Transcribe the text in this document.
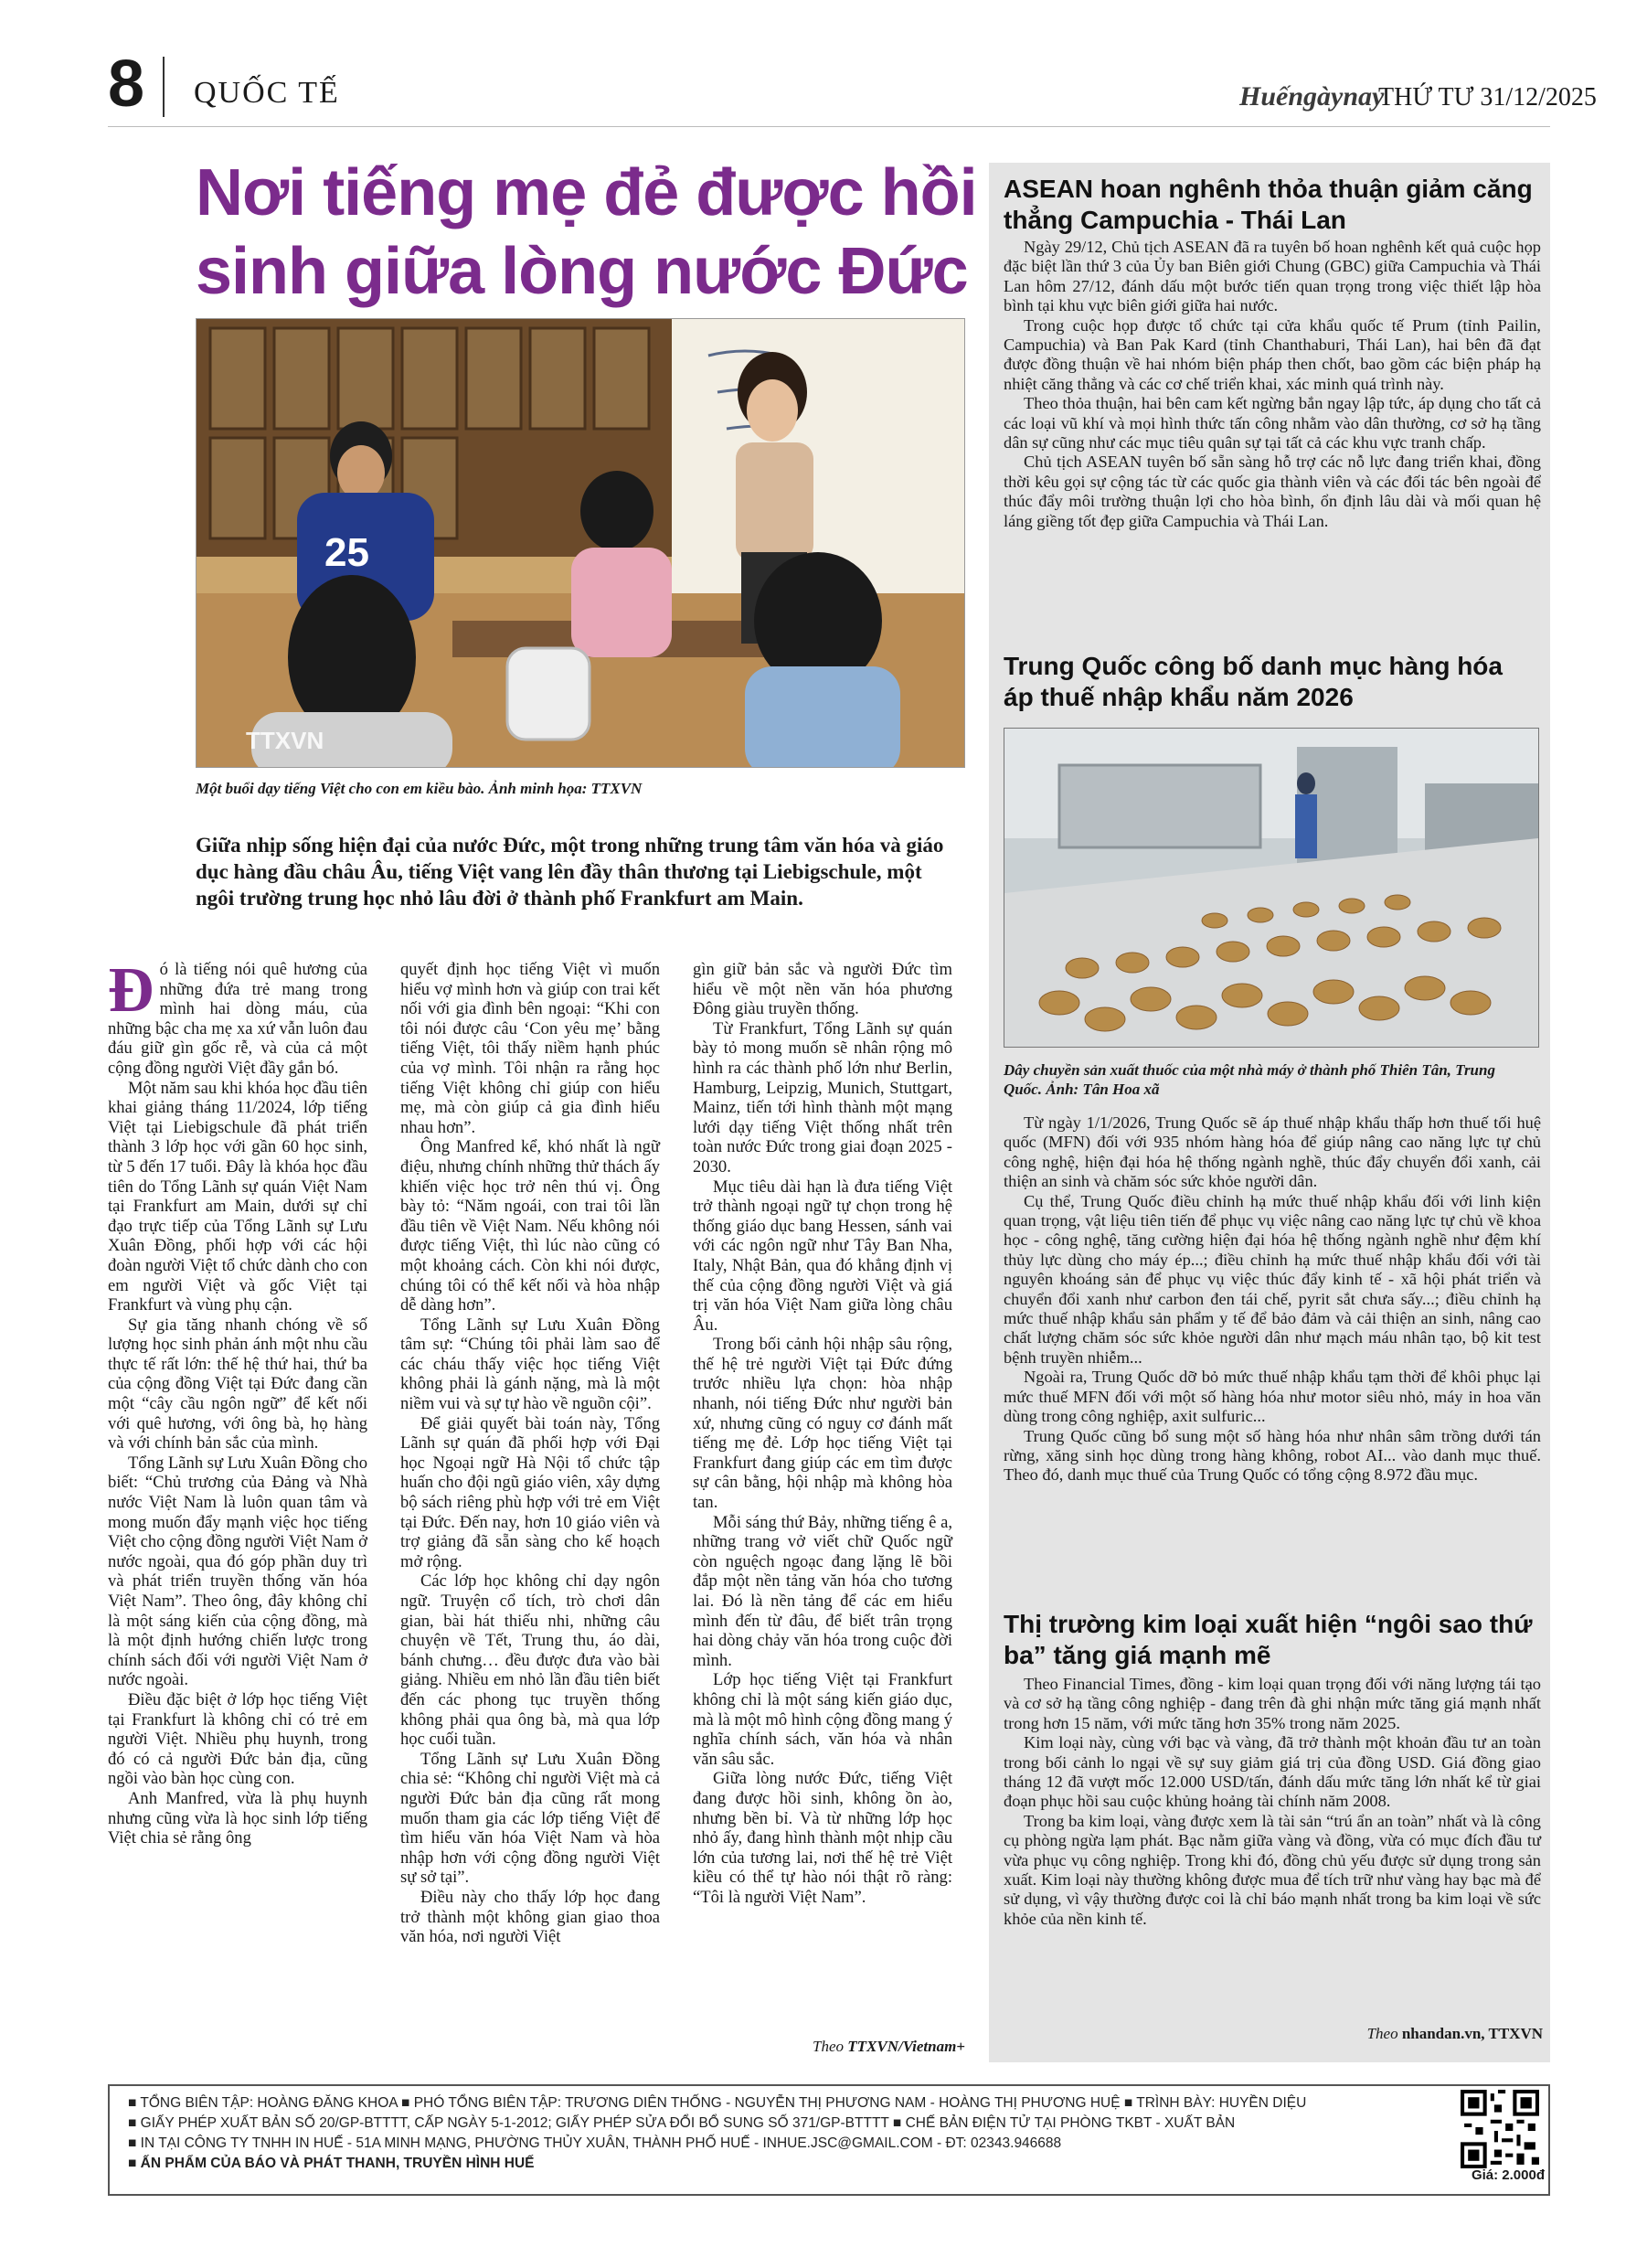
8 QUỐC TẾ	Huếngàynay
THỨ TƯ 31/12/2025
Nơi tiếng mẹ đẻ được hồi sinh giữa lòng nước Đức
25
TTXVN
Một buổi dạy tiếng Việt cho con em kiều bào. Ảnh minh họa: TTXVN
Giữa nhịp sống hiện đại của nước Đức, một trong những trung tâm văn hóa và giáo dục hàng đầu châu Âu, tiếng Việt vang lên đầy thân thương tại Liebigschule, một ngôi trường trung học nhỏ lâu đời ở thành phố Frankfurt am Main.

Đó là tiếng nói quê hương của những đứa trẻ mang trong mình hai dòng máu, của những bậc cha mẹ xa xứ vẫn luôn đau đáu giữ gìn gốc rễ, và của cả một cộng đồng người Việt đầy gắn bó.

Một năm sau khi khóa học đầu tiên khai giảng tháng 11/2024, lớp tiếng Việt tại Liebigschule đã phát triển thành 3 lớp học với gần 60 học sinh, từ 5 đến 17 tuổi. Đây là khóa học đầu tiên do Tổng Lãnh sự quán Việt Nam tại Frankfurt am Main, dưới sự chỉ đạo trực tiếp của Tổng Lãnh sự Lưu Xuân Đồng, phối hợp với các hội đoàn người Việt tổ chức dành cho con em người Việt và gốc Việt tại Frankfurt và vùng phụ cận.

Sự gia tăng nhanh chóng về số lượng học sinh phản ánh một nhu cầu thực tế rất lớn: thế hệ thứ hai, thứ ba của cộng đồng Việt tại Đức đang cần một “cây cầu ngôn ngữ” để kết nối với quê hương, với ông bà, họ hàng và với chính bản sắc của mình.

Tổng Lãnh sự Lưu Xuân Đồng cho biết: “Chủ trương của Đảng và Nhà nước Việt Nam là luôn quan tâm và mong muốn đẩy mạnh việc học tiếng Việt cho cộng đồng người Việt Nam ở nước ngoài, qua đó góp phần duy trì và phát triển truyền thống văn hóa Việt Nam”. Theo ông, đây không chỉ là một sáng kiến của cộng đồng, mà là một định hướng chiến lược trong chính sách đối với người Việt Nam ở nước ngoài.

Điều đặc biệt ở lớp học tiếng Việt tại Frankfurt là không chỉ có trẻ em người Việt. Nhiều phụ huynh, trong đó có cả người Đức bản địa, cũng ngồi vào bàn học cùng con.

Anh Manfred, vừa là phụ huynh nhưng cũng vừa là học sinh lớp tiếng Việt chia sẻ rằng ông

quyết định học tiếng Việt vì muốn hiểu vợ mình hơn và giúp con trai kết nối với gia đình bên ngoại: “Khi con tôi nói được câu ‘Con yêu mẹ’ bằng tiếng Việt, tôi thấy niềm hạnh phúc của vợ mình. Tôi nhận ra rằng học tiếng Việt không chỉ giúp con hiểu mẹ, mà còn giúp cả gia đình hiểu nhau hơn”.

Ông Manfred kể, khó nhất là ngữ điệu, nhưng chính những thử thách ấy khiến việc học trở nên thú vị. Ông bày tỏ: “Năm ngoái, con trai tôi lần đầu tiên về Việt Nam. Nếu không nói được tiếng Việt, thì lúc nào cũng có một khoảng cách. Còn khi nói được, chúng tôi có thể kết nối và hòa nhập dễ dàng hơn”.

Tổng Lãnh sự Lưu Xuân Đồng tâm sự: “Chúng tôi phải làm sao để các cháu thấy việc học tiếng Việt không phải là gánh nặng, mà là một niềm vui và sự tự hào về nguồn cội”.

Để giải quyết bài toán này, Tổng Lãnh sự quán đã phối hợp với Đại học Ngoại ngữ Hà Nội tổ chức tập huấn cho đội ngũ giáo viên, xây dựng bộ sách riêng phù hợp với trẻ em Việt tại Đức. Đến nay, hơn 10 giáo viên và trợ giảng đã sẵn sàng cho kế hoạch mở rộng.

Các lớp học không chỉ dạy ngôn ngữ. Truyện cổ tích, trò chơi dân gian, bài hát thiếu nhi, những câu chuyện về Tết, Trung thu, áo dài, bánh chưng… đều được đưa vào bài giảng. Nhiều em nhỏ lần đầu tiên biết đến các phong tục truyền thống không phải qua ông bà, mà qua lớp học cuối tuần.

Tổng Lãnh sự Lưu Xuân Đồng chia sẻ: “Không chỉ người Việt mà cả người Đức bản địa cũng rất mong muốn tham gia các lớp tiếng Việt để tìm hiểu văn hóa Việt Nam và hòa nhập hơn với cộng đồng người Việt sự sở tại”.

Điều này cho thấy lớp học đang trở thành một không gian giao thoa văn hóa, nơi người Việt

gìn giữ bản sắc và người Đức tìm hiểu về một nền văn hóa phương Đông giàu truyền thống.

Từ Frankfurt, Tổng Lãnh sự quán bày tỏ mong muốn sẽ nhân rộng mô hình ra các thành phố lớn như Berlin, Hamburg, Leipzig, Munich, Stuttgart, Mainz, tiến tới hình thành một mạng lưới dạy tiếng Việt thống nhất trên toàn nước Đức trong giai đoạn 2025 - 2030.

Mục tiêu dài hạn là đưa tiếng Việt trở thành ngoại ngữ tự chọn trong hệ thống giáo dục bang Hessen, sánh vai với các ngôn ngữ như Tây Ban Nha, Italy, Nhật Bản, qua đó khẳng định vị thế của cộng đồng người Việt và giá trị văn hóa Việt Nam giữa lòng châu Âu.

Trong bối cảnh hội nhập sâu rộng, thế hệ trẻ người Việt tại Đức đứng trước nhiều lựa chọn: hòa nhập nhanh, nói tiếng Đức như người bản xứ, nhưng cũng có nguy cơ đánh mất tiếng mẹ đẻ. Lớp học tiếng Việt tại Frankfurt đang giúp các em tìm được sự cân bằng, hội nhập mà không hòa tan.

Mỗi sáng thứ Bảy, những tiếng ê a, những trang vở viết chữ Quốc ngữ còn nguệch ngoạc đang lặng lẽ bồi đắp một nền tảng văn hóa cho tương lai. Đó là nền tảng để các em hiểu mình đến từ đâu, để biết trân trọng hai dòng chảy văn hóa trong cuộc đời mình.

Lớp học tiếng Việt tại Frankfurt không chỉ là một sáng kiến giáo dục, mà là một mô hình cộng đồng mang ý nghĩa chính sách, văn hóa và nhân văn sâu sắc.

Giữa lòng nước Đức, tiếng Việt đang được hồi sinh, không ồn ào, nhưng bền bỉ. Và từ những lớp học nhỏ ấy, đang hình thành một nhịp cầu lớn của tương lai, nơi thế hệ trẻ Việt kiều có thể tự hào nói thật rõ ràng: “Tôi là người Việt Nam”.

Theo TTXVN/Vietnam+
ASEAN hoan nghênh thỏa thuận giảm căng thẳng Campuchia - Thái Lan

Ngày 29/12, Chủ tịch ASEAN đã ra tuyên bố hoan nghênh kết quả cuộc họp đặc biệt lần thứ 3 của Ủy ban Biên giới Chung (GBC) giữa Campuchia và Thái Lan hôm 27/12, đánh dấu một bước tiến quan trọng trong việc thiết lập hòa bình tại khu vực biên giới giữa hai nước.

Trong cuộc họp được tổ chức tại cửa khẩu quốc tế Prum (tỉnh Pailin, Campuchia) và Ban Pak Kard (tỉnh Chanthaburi, Thái Lan), hai bên đã đạt được đồng thuận về hai nhóm biện pháp then chốt, bao gồm các biện pháp hạ nhiệt căng thẳng và các cơ chế triển khai, xác minh quá trình này.

Theo thỏa thuận, hai bên cam kết ngừng bắn ngay lập tức, áp dụng cho tất cả các loại vũ khí và mọi hình thức tấn công nhằm vào dân thường, cơ sở hạ tầng dân sự cũng như các mục tiêu quân sự tại tất cả các khu vực tranh chấp.

Chủ tịch ASEAN tuyên bố sẵn sàng hỗ trợ các nỗ lực đang triển khai, đồng thời kêu gọi sự cộng tác từ các quốc gia thành viên và các đối tác bên ngoài để thúc đẩy môi trường thuận lợi cho hòa bình, ổn định lâu dài và mối quan hệ láng giềng tốt đẹp giữa Campuchia và Thái Lan.

Trung Quốc công bố danh mục hàng hóa áp thuế nhập khẩu năm 2026
Dây chuyền sản xuất thuốc của một nhà máy ở thành phố Thiên Tân, Trung Quốc. Ảnh: Tân Hoa xã

Từ ngày 1/1/2026, Trung Quốc sẽ áp thuế nhập khẩu thấp hơn thuế tối huệ quốc (MFN) đối với 935 nhóm hàng hóa để giúp nâng cao năng lực tự chủ công nghệ, hiện đại hóa hệ thống ngành nghề, thúc đẩy chuyển đổi xanh, cải thiện an sinh và chăm sóc sức khỏe người dân.

Cụ thể, Trung Quốc điều chỉnh hạ mức thuế nhập khẩu đối với linh kiện quan trọng, vật liệu tiên tiến để phục vụ việc nâng cao năng lực tự chủ về khoa học - công nghệ, tăng cường hiện đại hóa hệ thống ngành nghề như đệm khí thủy lực dùng cho máy ép...; điều chỉnh hạ mức thuế nhập khẩu đối với tài nguyên khoáng sản để phục vụ việc thúc đẩy kinh tế - xã hội phát triển và chuyển đổi xanh như carbon đen tái chế, pyrit sắt chưa sấy...; điều chỉnh hạ mức thuế nhập khẩu sản phẩm y tế để bảo đảm và cải thiện an sinh, nâng cao chất lượng chăm sóc sức khỏe người dân như mạch máu nhân tạo, bộ kit test bệnh truyền nhiễm...

Ngoài ra, Trung Quốc dỡ bỏ mức thuế nhập khẩu tạm thời để khôi phục lại mức thuế MFN đối với một số hàng hóa như motor siêu nhỏ, máy in hoa văn dùng trong công nghiệp, axit sulfuric...

Trung Quốc cũng bổ sung một số hàng hóa như nhân sâm trồng dưới tán rừng, xăng sinh học dùng trong hàng không, robot AI... vào danh mục thuế. Theo đó, danh mục thuế của Trung Quốc có tổng cộng 8.972 đầu mục.

Thị trường kim loại xuất hiện “ngôi sao thứ ba” tăng giá mạnh mẽ

Theo Financial Times, đồng - kim loại quan trọng đối với năng lượng tái tạo và cơ sở hạ tầng công nghiệp - đang trên đà ghi nhận mức tăng giá mạnh nhất trong hơn 15 năm, với mức tăng hơn 35% trong năm 2025.

Kim loại này, cùng với bạc và vàng, đã trở thành một khoản đầu tư an toàn trong bối cảnh lo ngại về sự suy giảm giá trị của đồng USD. Giá đồng giao tháng 12 đã vượt mốc 12.000 USD/tấn, đánh dấu mức tăng lớn nhất kể từ giai đoạn phục hồi sau cuộc khủng hoảng tài chính năm 2008.

Trong ba kim loại, vàng được xem là tài sản “trú ẩn an toàn” nhất và là công cụ phòng ngừa lạm phát. Bạc nằm giữa vàng và đồng, vừa có mục đích đầu tư vừa phục vụ công nghiệp. Trong khi đó, đồng chủ yếu được sử dụng trong sản xuất. Kim loại này thường không được mua để tích trữ như vàng hay bạc mà để sử dụng, vì vậy thường được coi là chỉ báo mạnh nhất trong ba kim loại về sức khỏe của nền kinh tế.

Theo nhandan.vn, TTXVN
■ TỔNG BIÊN TẬP: HOÀNG ĐĂNG KHOA ■ PHÓ TỔNG BIÊN TẬP: TRƯƠNG DIÊN THỐNG - NGUYỄN THỊ PHƯƠNG NAM - HOÀNG THỊ PHƯƠNG HUỆ ■ TRÌNH BÀY: HUYỀN DIỆU
■ GIẤY PHÉP XUẤT BẢN SỐ 20/GP-BTTTT, CẤP NGÀY 5-1-2012; GIẤY PHÉP SỬA ĐỔI BỔ SUNG SỐ 371/GP-BTTTT ■ CHẾ BẢN ĐIỆN TỬ TẠI PHÒNG TKBT - XUẤT BẢN
■ IN TẠI CÔNG TY TNHH IN HUẾ - 51A MINH MẠNG, PHƯỜNG THỦY XUÂN, THÀNH PHỐ HUẾ - INHUE.JSC@GMAIL.COM - ĐT: 02343.946688
■ ẤN PHẨM CỦA BÁO VÀ PHÁT THANH, TRUYỀN HÌNH HUẾ
Giá: 2.000đ
